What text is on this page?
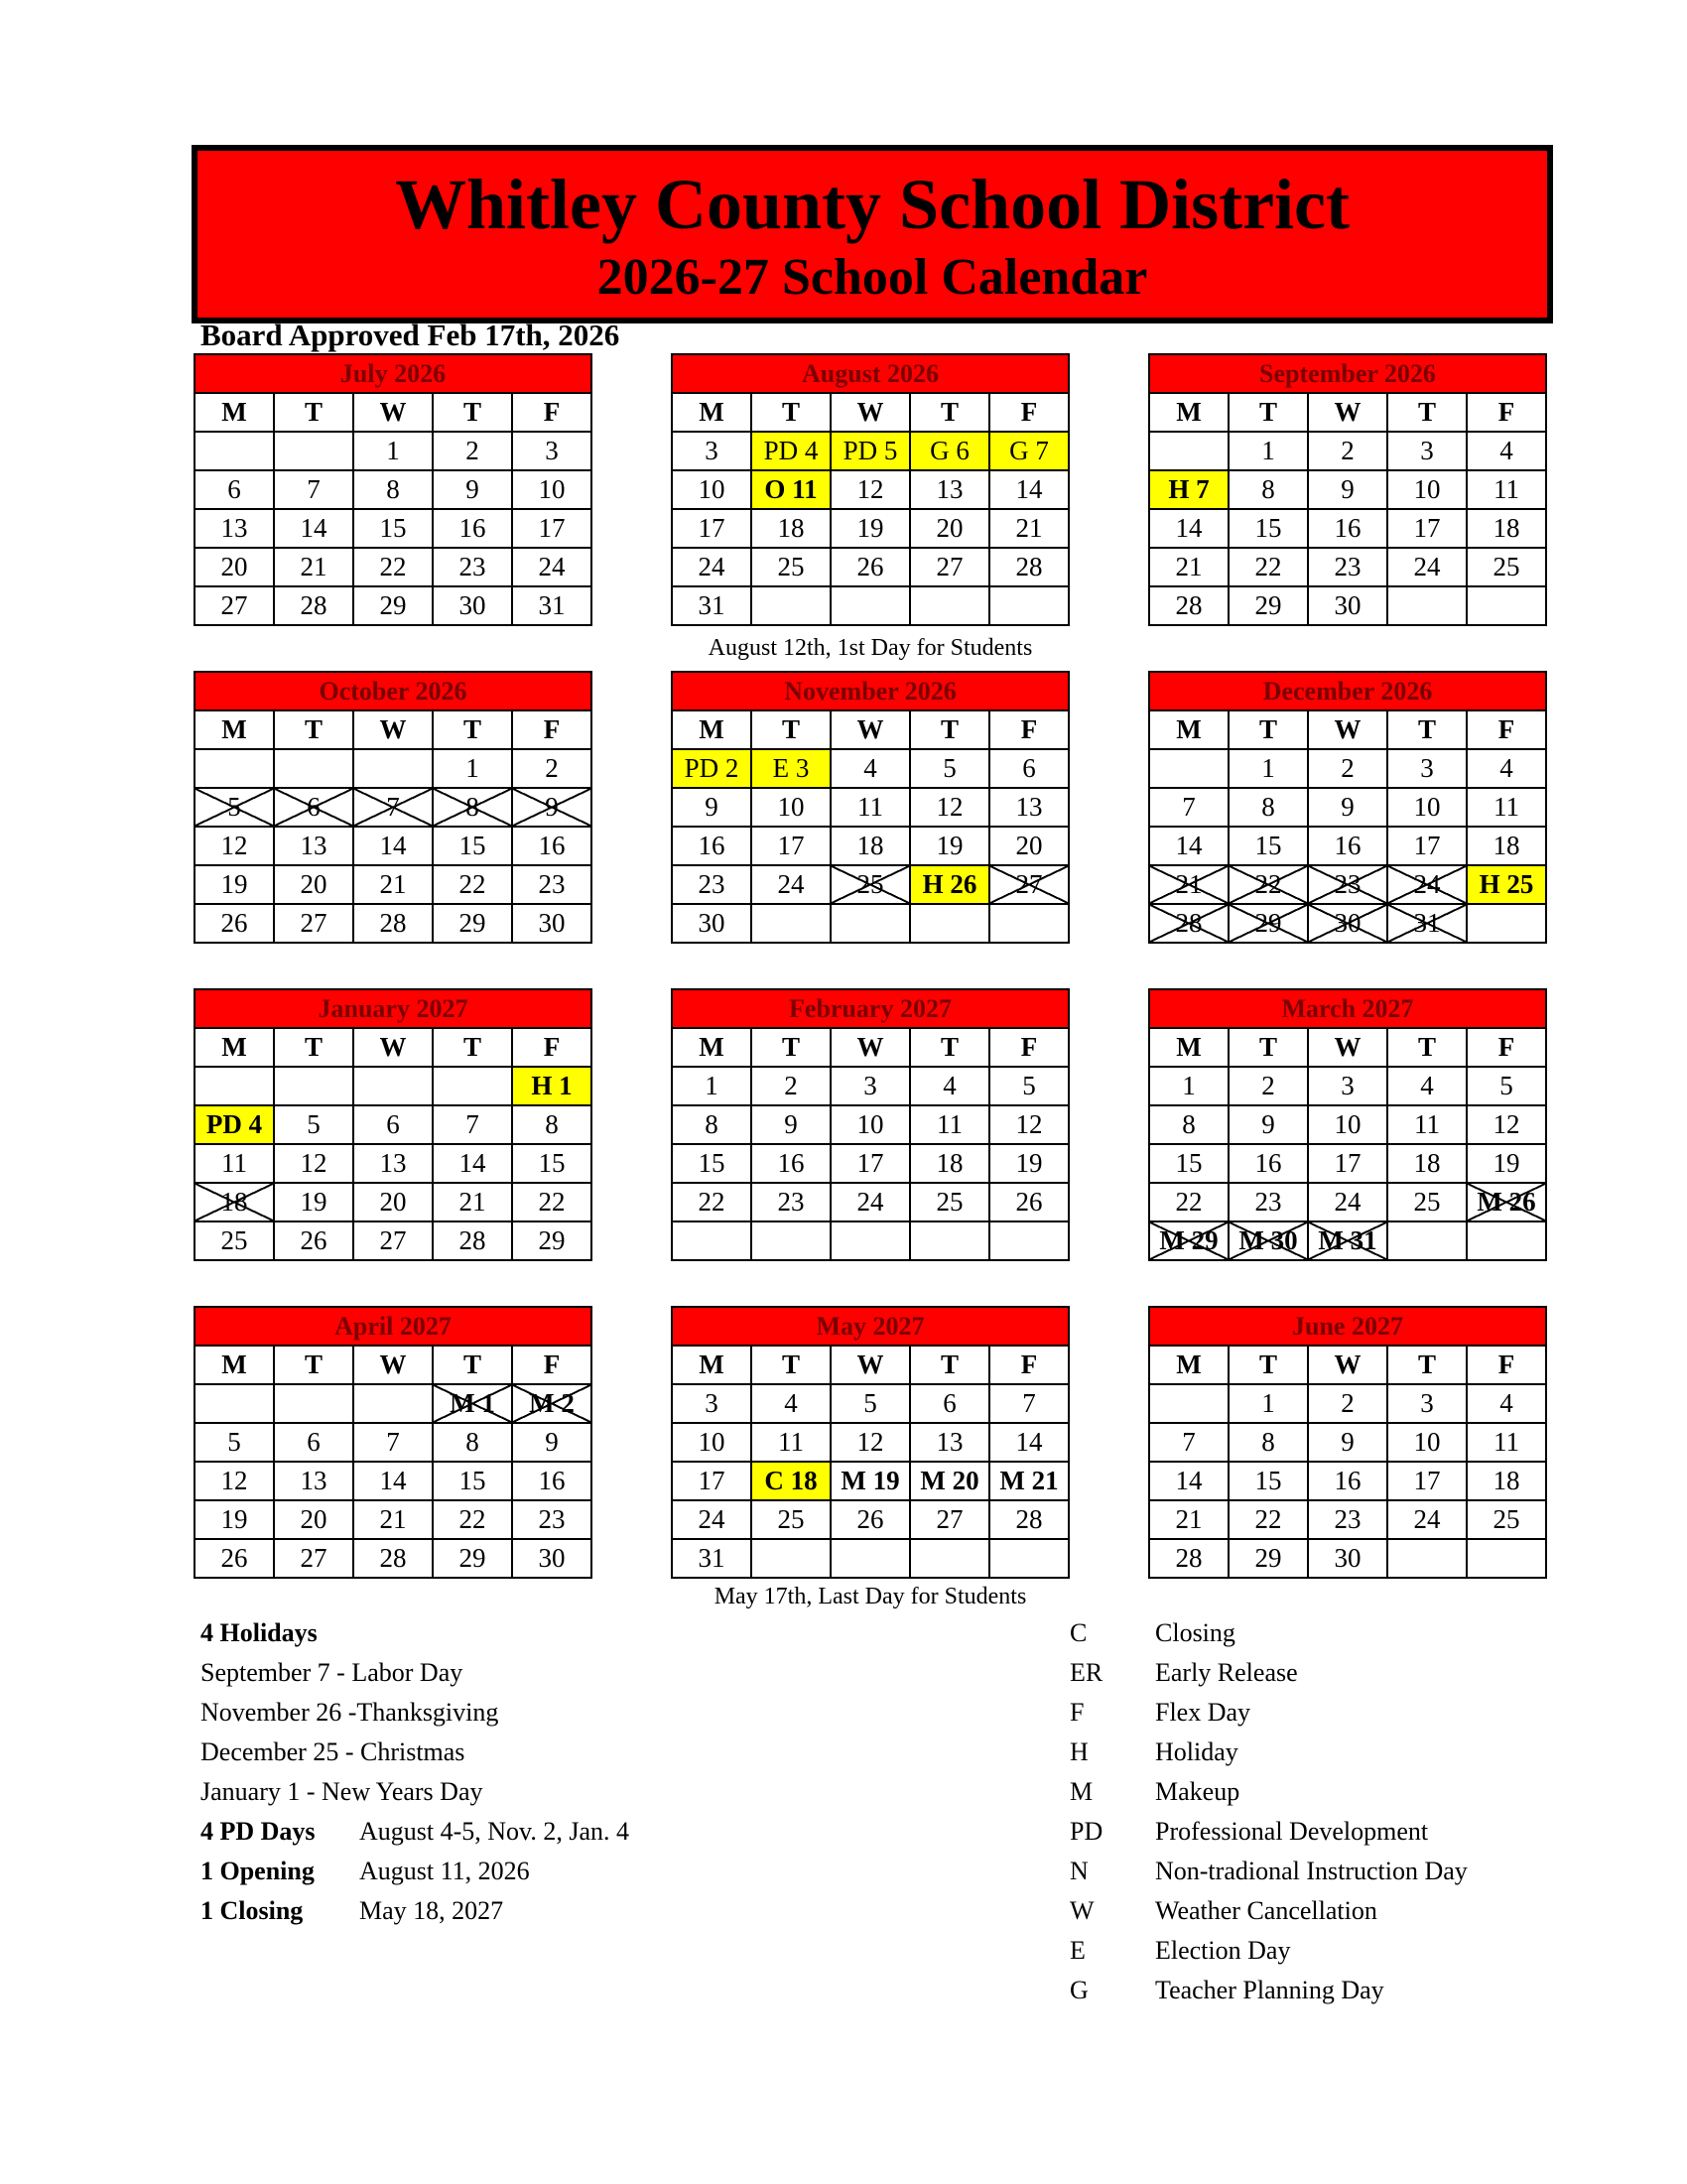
Whitley County School District
2026-27 School Calendar
Board Approved Feb 17th, 2026
July 2026				
M	T	W	T	F
		1	2	3
6	7	8	9	10
13	14	15	16	17
20	21	22	23	24
27	28	29	30	31
August 2026				
M	T	W	T	F
3	PD 4	PD 5	G 6	G 7
10	O 11	12	13	14
17	18	19	20	21
24	25	26	27	28
31				
September 2026				
M	T	W	T	F
	1	2	3	4
H 7	8	9	10	11
14	15	16	17	18
21	22	23	24	25
28	29	30		
October 2026				
M	T	W	T	F
			1	2
5	6	7	8	9
12	13	14	15	16
19	20	21	22	23
26	27	28	29	30
November 2026				
M	T	W	T	F
PD 2	E 3	4	5	6
9	10	11	12	13
16	17	18	19	20
23	24	25	H 26	27
30				
December 2026				
M	T	W	T	F
	1	2	3	4
7	8	9	10	11
14	15	16	17	18
21	22	23	24	H 25
28	29	30	31	
January 2027				
M	T	W	T	F
				H 1
PD 4	5	6	7	8
11	12	13	14	15
18	19	20	21	22
25	26	27	28	29
February 2027				
M	T	W	T	F
1	2	3	4	5
8	9	10	11	12
15	16	17	18	19
22	23	24	25	26

March 2027				
M	T	W	T	F
1	2	3	4	5
8	9	10	11	12
15	16	17	18	19
22	23	24	25	M 26
M 29	M 30	M 31		
April 2027				
M	T	W	T	F
			M 1	M 2
5	6	7	8	9
12	13	14	15	16
19	20	21	22	23
26	27	28	29	30
May 2027				
M	T	W	T	F
3	4	5	6	7
10	11	12	13	14
17	C 18	M 19	M 20	M 21
24	25	26	27	28
31				
June 2027				
M	T	W	T	F
	1	2	3	4
7	8	9	10	11
14	15	16	17	18
21	22	23	24	25
28	29	30		
August 12th, 1st Day for Students
May 17th, Last Day for Students
4 Holidays
September 7 - Labor Day
November 26 -Thanksgiving
December 25 - Christmas
January 1 - New Years Day
4 PD Days August 4-5, Nov. 2, Jan. 4
1 Opening August 11, 2026
1 Closing May 18, 2027
C	Closing
ER Early Release
F	Flex Day
H	Holiday
M Makeup
PD Professional Development
N	Non-tradional Instruction Day
W Weather Cancellation
E	Election Day
G	Teacher Planning Day
